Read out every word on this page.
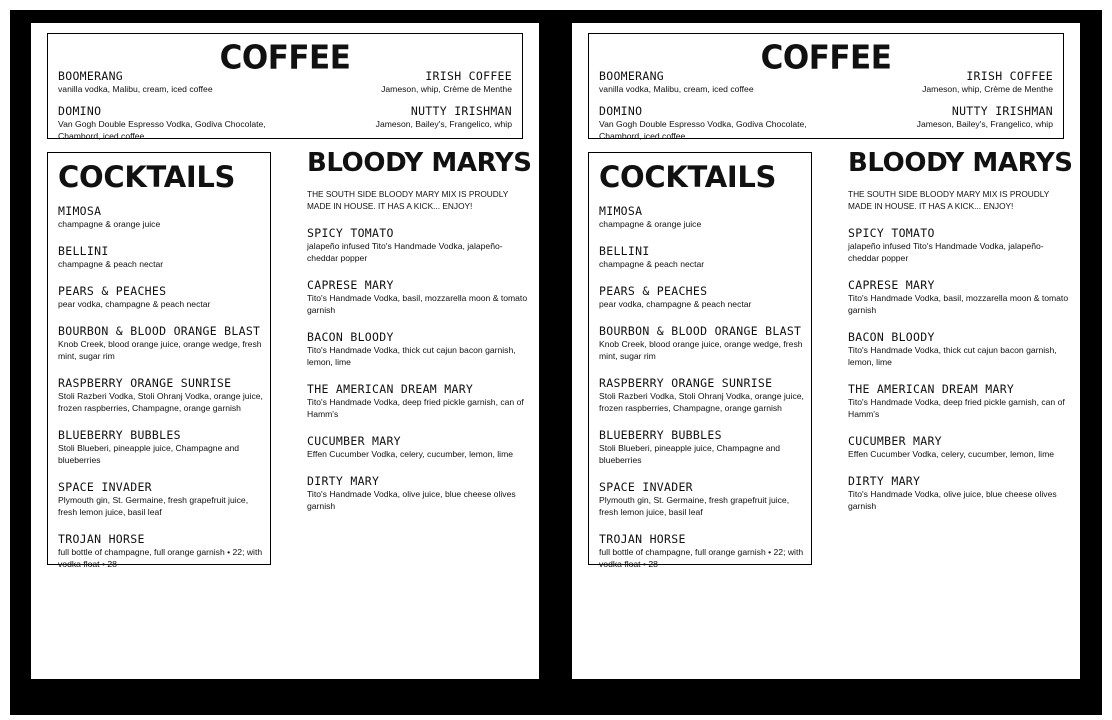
COFFEE
BOOMERANG
vanilla vodka, Malibu, cream, iced coffee
DOMINO
Van Gogh Double Espresso Vodka, Godiva Chocolate, Chambord, iced coffee
IRISH COFFEE
Jameson, whip, Crème de Menthe
NUTTY IRISHMAN
Jameson, Bailey's, Frangelico, whip
COCKTAILS
MIMOSA
champagne & orange juice
BELLINI
champagne & peach nectar
PEARS & PEACHES
pear vodka, champagne & peach nectar
BOURBON & BLOOD ORANGE BLAST
Knob Creek, blood orange juice, orange wedge, fresh mint, sugar rim
RASPBERRY ORANGE SUNRISE
Stoli Razberi Vodka, Stoli Ohranj Vodka, orange juice, frozen raspberries, Champagne, orange garnish
BLUEBERRY BUBBLES
Stoli Blueberi, pineapple juice, Champagne and blueberries
SPACE INVADER
Plymouth gin, St. Germaine, fresh grapefruit juice, fresh lemon juice, basil leaf
TROJAN HORSE
full bottle of champagne, full orange garnish • 22; with vodka float • 28
BLOODY MARYS
THE SOUTH SIDE BLOODY MARY MIX IS PROUDLY MADE IN HOUSE. IT HAS A KICK... ENJOY!
SPICY TOMATO
jalapeño infused Tito's Handmade Vodka, jalapeño-cheddar popper
CAPRESE MARY
Tito's Handmade Vodka, basil, mozzarella moon & tomato garnish
BACON BLOODY
Tito's Handmade Vodka, thick cut cajun bacon garnish, lemon, lime
THE AMERICAN DREAM MARY
Tito's Handmade Vodka, deep fried pickle garnish, can of Hamm's
CUCUMBER MARY
Effen Cucumber Vodka, celery, cucumber, lemon, lime
DIRTY MARY
Tito's Handmade Vodka, olive juice, blue cheese olives garnish
COFFEE
BOOMERANG
vanilla vodka, Malibu, cream, iced coffee
DOMINO
Van Gogh Double Espresso Vodka, Godiva Chocolate, Chambord, iced coffee
IRISH COFFEE
Jameson, whip, Crème de Menthe
NUTTY IRISHMAN
Jameson, Bailey's, Frangelico, whip
COCKTAILS
MIMOSA
champagne & orange juice
BELLINI
champagne & peach nectar
PEARS & PEACHES
pear vodka, champagne & peach nectar
BOURBON & BLOOD ORANGE BLAST
Knob Creek, blood orange juice, orange wedge, fresh mint, sugar rim
RASPBERRY ORANGE SUNRISE
Stoli Razberi Vodka, Stoli Ohranj Vodka, orange juice, frozen raspberries, Champagne, orange garnish
BLUEBERRY BUBBLES
Stoli Blueberi, pineapple juice, Champagne and blueberries
SPACE INVADER
Plymouth gin, St. Germaine, fresh grapefruit juice, fresh lemon juice, basil leaf
TROJAN HORSE
full bottle of champagne, full orange garnish • 22; with vodka float • 28
BLOODY MARYS
THE SOUTH SIDE BLOODY MARY MIX IS PROUDLY MADE IN HOUSE. IT HAS A KICK... ENJOY!
SPICY TOMATO
jalapeño infused Tito's Handmade Vodka, jalapeño-cheddar popper
CAPRESE MARY
Tito's Handmade Vodka, basil, mozzarella moon & tomato garnish
BACON BLOODY
Tito's Handmade Vodka, thick cut cajun bacon garnish, lemon, lime
THE AMERICAN DREAM MARY
Tito's Handmade Vodka, deep fried pickle garnish, can of Hamm's
CUCUMBER MARY
Effen Cucumber Vodka, celery, cucumber, lemon, lime
DIRTY MARY
Tito's Handmade Vodka, olive juice, blue cheese olives garnish
